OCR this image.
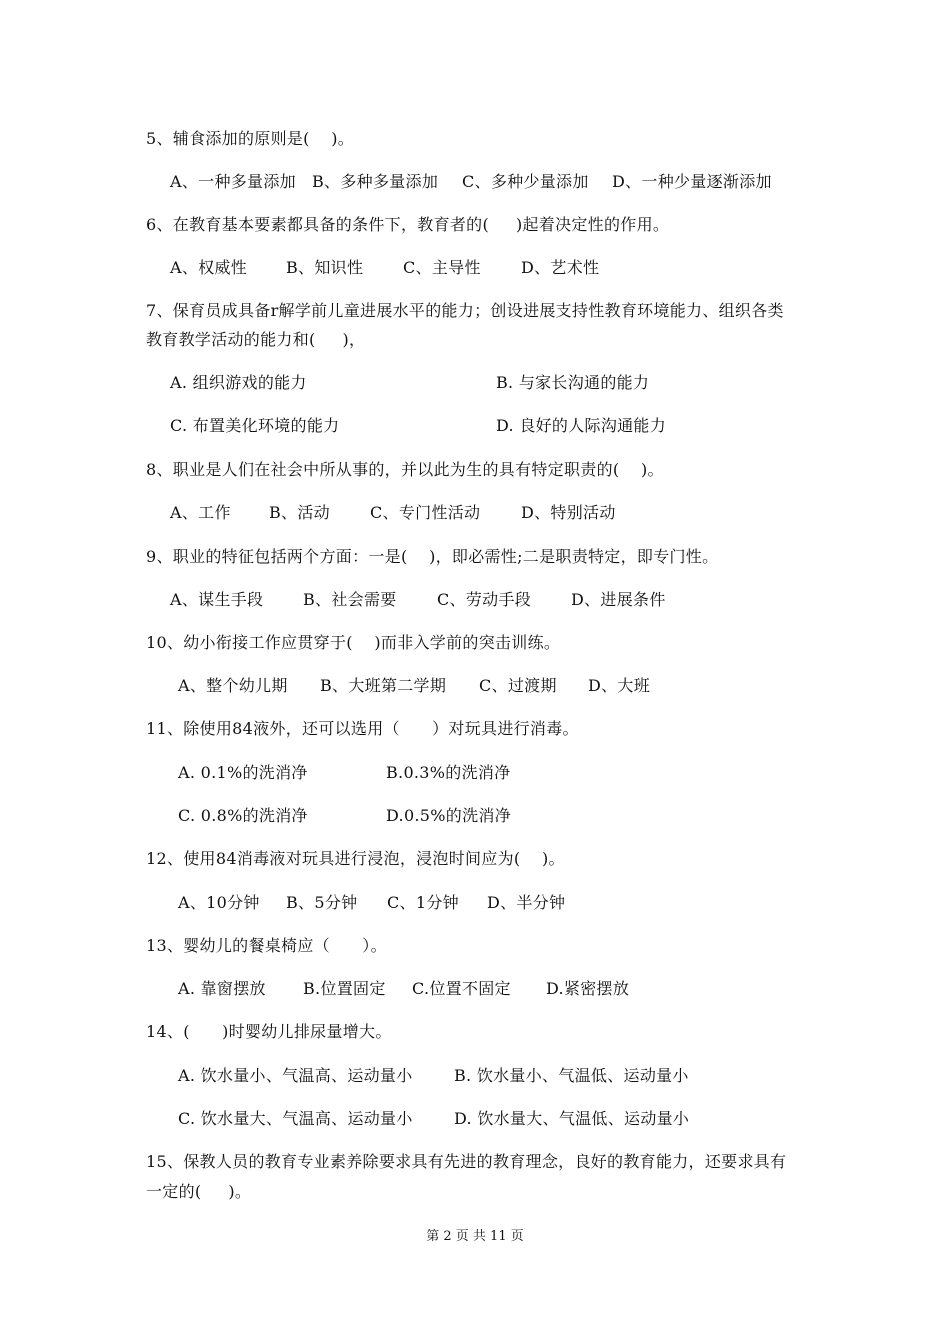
5、辅食添加的原则是(    )。
A、一种多量添加 B、多种多量添加 C、多种少量添加 D、一种少量逐渐添加
6、在教育基本要素都具备的条件下，教育者的(     )起着决定性的作用。
A、权威性 B、知识性 C、主导性	D、艺术性
7、保育员成具备r解学前儿童进展水平的能力；创设进展支持性教育环境能力、组织各类
教育教学活动的能力和(     )，
A. 组织游戏的能力	B. 与家长沟通的能力
C. 布置美化环境的能力	D. 良好的人际沟通能力
8、职业是人们在社会中所从事的，并以此为生的具有特定职责的(    )。
A、工作 B、活动	C、专门性活动	D、特别活动
9、职业的特征包括两个方面：一是(    )，即必需性;二是职责特定，即专门性。
A、谋生手段 B、社会需要	C、劳动手段 D、进展条件
10、幼小衔接工作应贯穿于(    )而非入学前的突击训练。
A、整个幼儿期 B、大班第二学期 C、过渡期 D、大班
11、除使用84液外，还可以选用（      ）对玩具进行消毒。
A. 0.1%的洗消净	B.0.3%的洗消净
C. 0.8%的洗消净	D.0.5%的洗消净
12、使用84消毒液对玩具进行浸泡，浸泡时间应为(    )。
A、10分钟 B、5分钟 C、1分钟 D、半分钟
13、婴幼儿的餐桌椅应（      ）。
A. 靠窗摆放 B.位置固定 C.位置不固定 D.紧密摆放
14、(      )时婴幼儿排尿量增大。
A. 饮水量小、气温高、运动量小	B. 饮水量小、气温低、运动量小
C. 饮水量大、气温高、运动量小	D. 饮水量大、气温低、运动量小
15、保教人员的教育专业素养除要求具有先进的教育理念，良好的教育能力，还要求具有
一定的(     )。
第 2 页 共 11 页
